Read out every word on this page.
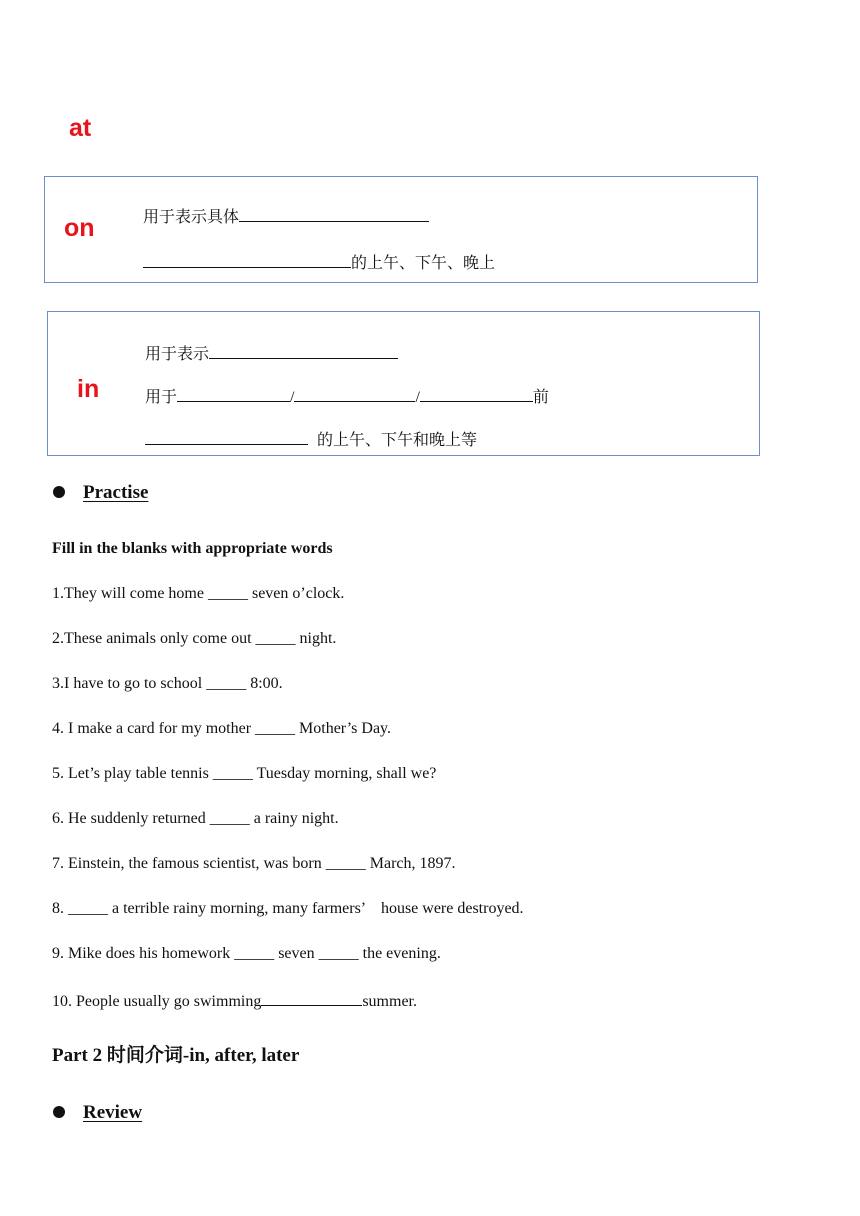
at
on	用于表示具体
的上午、下午、晚上
in
用于表示
用于	/	/	前
的上午、下午和晚上等
Practise
Fill in the blanks with appropriate words
1.They will come home _____ seven o’clock.
2.These animals only come out _____ night.
3.I have to go to school _____ 8:00.
4. I make a card for my mother _____ Mother’s Day.
5. Let’s play table tennis _____ Tuesday morning, shall we?
6. He suddenly returned _____ a rainy night.
7. Einstein, the famous scientist, was born _____ March, 1897.
8. _____ a terrible rainy morning, many farmers’　house were destroyed.
9. Mike does his homework _____ seven _____ the evening.
10. People usually go swimming	summer.
Part 2 时间介词-in, after, later
Review
